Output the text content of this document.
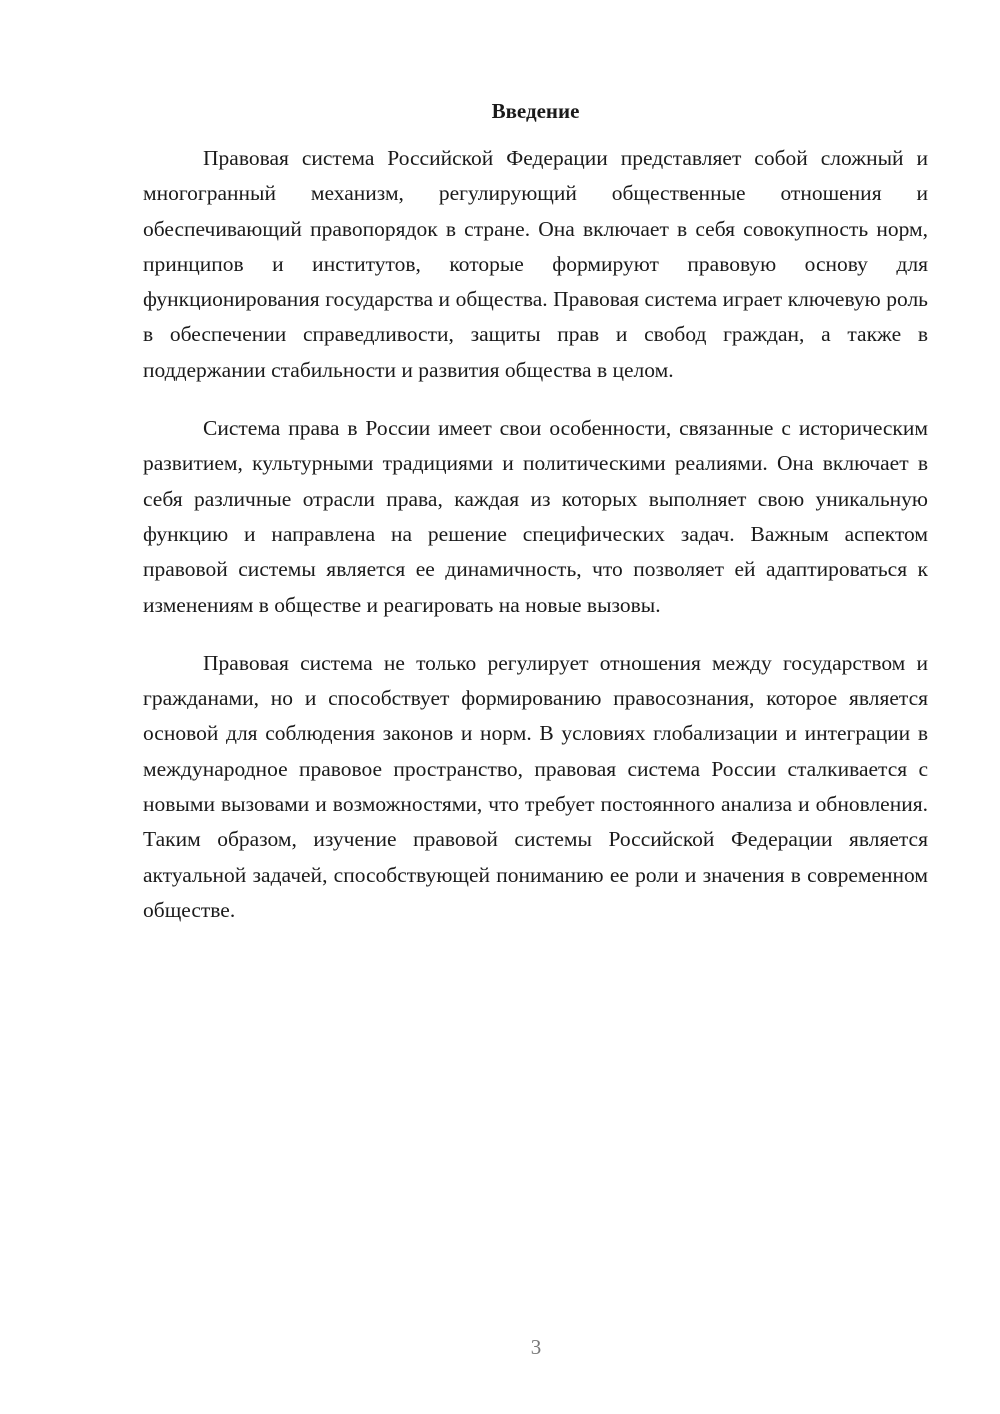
Введение

Правовая система Российской Федерации представляет собой сложный и многогранный механизм, регулирующий общественные отношения и обеспечивающий правопорядок в стране. Она включает в себя совокупность норм, принципов и институтов, которые формируют правовую основу для функционирования государства и общества. Правовая система играет ключевую роль в обеспечении справедливости, защиты прав и свобод граждан, а также в поддержании стабильности и развития общества в целом.

Система права в России имеет свои особенности, связанные с историческим развитием, культурными традициями и политическими реалиями. Она включает в себя различные отрасли права, каждая из которых выполняет свою уникальную функцию и направлена на решение специфических задач. Важным аспектом правовой системы является ее динамичность, что позволяет ей адаптироваться к изменениям в обществе и реагировать на новые вызовы.

Правовая система не только регулирует отношения между государством и гражданами, но и способствует формированию правосознания, которое является основой для соблюдения законов и норм. В условиях глобализации и интеграции в международное правовое пространство, правовая система России сталкивается с новыми вызовами и возможностями, что требует постоянного анализа и обновления. Таким образом, изучение правовой системы Российской Федерации является актуальной задачей, способствующей пониманию ее роли и значения в современном обществе.

3
